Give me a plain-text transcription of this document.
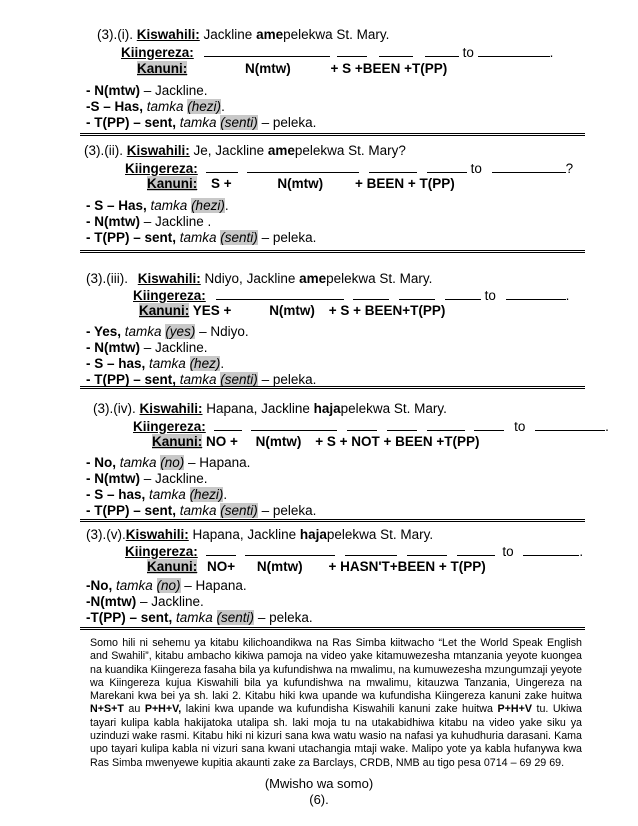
(3).(i). Kiswahili: Jackline amepelekwa St. Mary.
Kiingereza:	to	.
Kanuni:	N(mtw)	+ S +BEEN +T(PP)
- N(mtw) – Jackline.
-S – Has, tamka (hezi).
- T(PP) – sent, tamka (senti) – peleka.
(3).(ii). Kiswahili: Je, Jackline amepelekwa St. Mary?
Kiingereza:	to	?
Kanuni: S +	N(mtw) + BEEN + T(PP)
- S – Has, tamka (hezi).
- N(mtw) – Jackline .
- T(PP) – sent, tamka (senti) – peleka.
(3).(iii). Kiswahili: Ndiyo, Jackline amepelekwa St. Mary.
Kiingereza:	to	.
Kanuni: YES +	N(mtw) + S + BEEN+T(PP)
- Yes, tamka (yes) – Ndiyo.
- N(mtw) – Jackline.
- S – has, tamka (hez).
- T(PP) – sent, tamka (senti) – peleka.
(3).(iv). Kiswahili: Hapana, Jackline hajapelekwa St. Mary.
Kiingereza:	to	.
Kanuni: NO + N(mtw) + S + NOT + BEEN +T(PP)
- No, tamka (no) – Hapana.
- N(mtw) – Jackline.
- S – has, tamka (hezi).
- T(PP) – sent, tamka (senti) – peleka.
(3).(v).Kiswahili: Hapana, Jackline hajapelekwa St. Mary.
Kiingereza:	to	.
Kanuni: NO+ N(mtw) + HASN'T+BEEN + T(PP)
-No, tamka (no) – Hapana.
-N(mtw) – Jackline.
-T(PP) – sent, tamka (senti) – peleka.
Somo hili ni sehemu ya kitabu kilichoandikwa na Ras Simba kiitwacho “Let the World Speak English and Swahili”, kitabu ambacho kikiwa pamoja na video yake kitamuwezesha mtanzania yeyote kuongea na kuandika Kiingereza fasaha bila ya kufundishwa na mwalimu, na kumuwezesha mzungumzaji yeyote wa Kiingereza kujua Kiswahili bila ya kufundishwa na mwalimu, kitauzwa Tanzania, Uingereza na Marekani kwa bei ya sh. laki 2. Kitabu hiki kwa upande wa kufundisha Kiingereza kanuni zake huitwa N+S+T au P+H+V, lakini kwa upande wa kufundisha Kiswahili kanuni zake huitwa P+H+V tu. Ukiwa tayari kulipa kabla hakijatoka utalipa sh. laki moja tu na utakabidhiwa kitabu na video yake siku ya uzinduzi wake rasmi. Kitabu hiki ni kizuri sana kwa watu wasio na nafasi ya kuhudhuria darasani. Kama upo tayari kulipa kabla ni vizuri sana kwani utachangia mtaji wake. Malipo yote ya kabla hufanywa kwa Ras Simba mwenyewe kupitia akaunti zake za Barclays, CRDB, NMB au tigo pesa 0714 – 69 29 69.
(Mwisho wa somo)
(6).
